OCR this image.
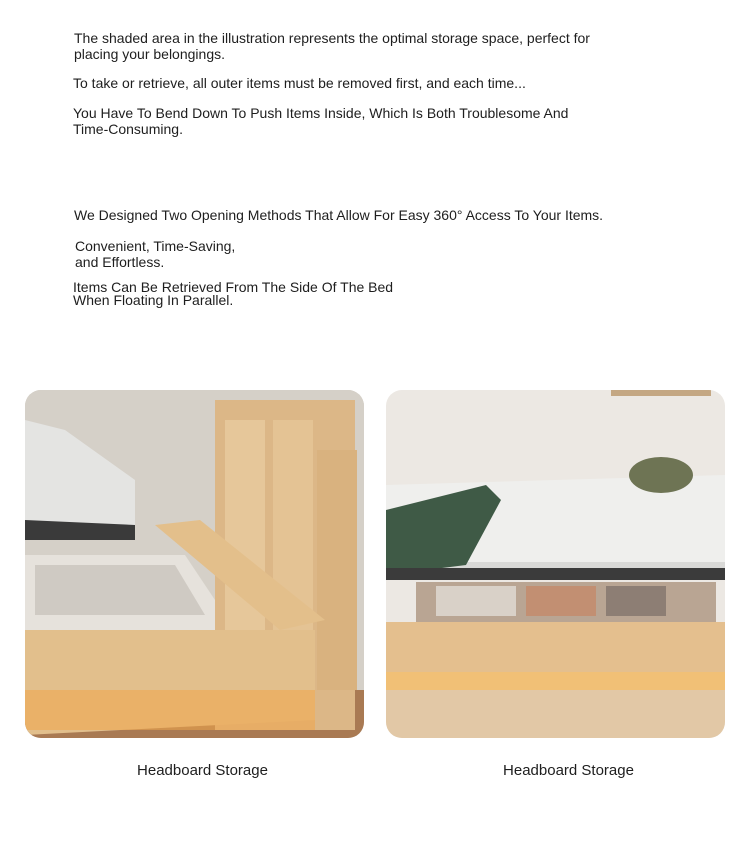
The shaded area in the illustration represents the optimal storage space, perfect for
placing your belongings.
To take or retrieve, all outer items must be removed first, and each time...
You Have To Bend Down To Push Items Inside, Which Is Both Troublesome And
Time-Consuming.
We Designed Two Opening Methods That Allow For Easy 360° Access To Your Items.
Convenient, Time-Saving,
and Effortless.
Items Can Be Retrieved From The Side Of The Bed
When Floating In Parallel.
Headboard Storage	Headboard Storage
